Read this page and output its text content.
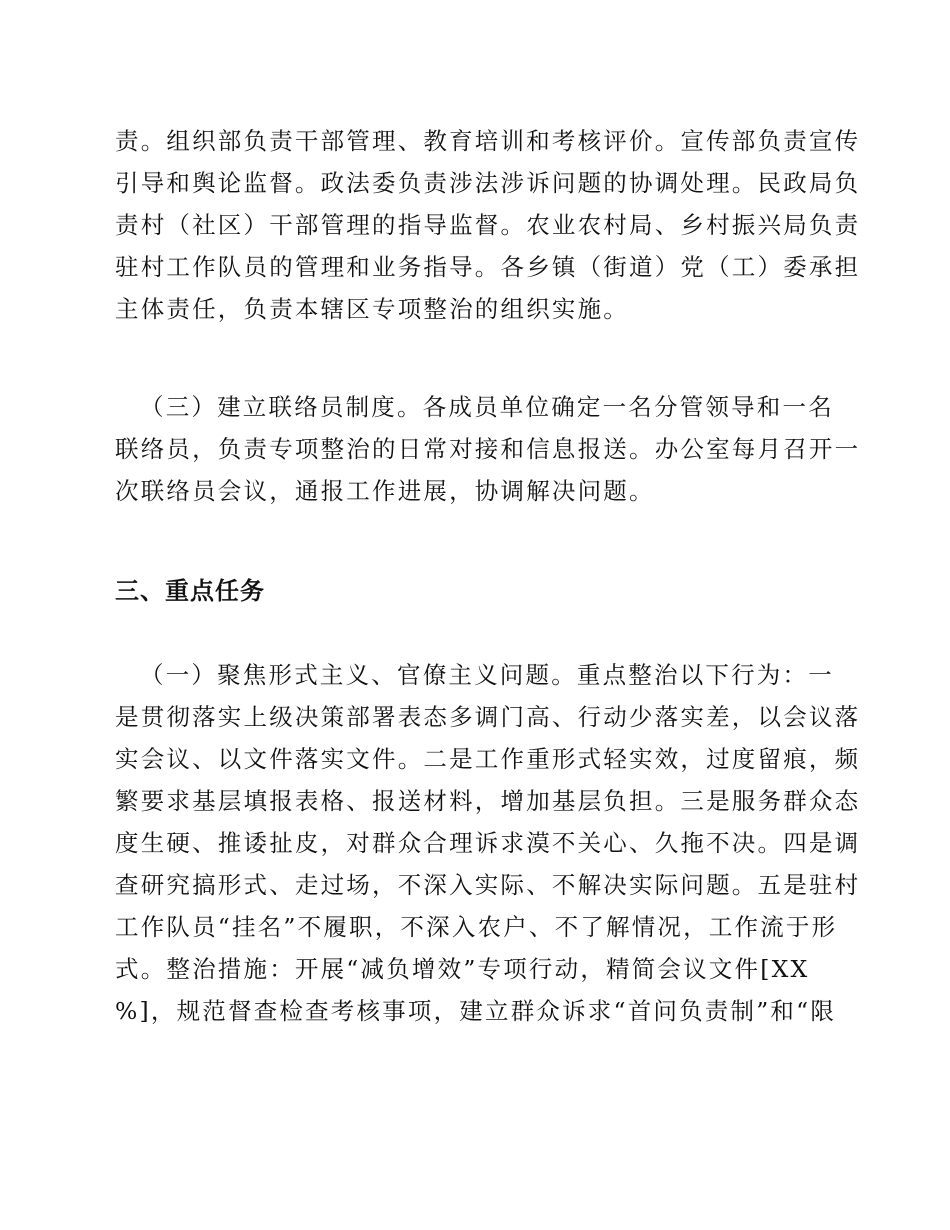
责。组织部负责干部管理、教育培训和考核评价。宣传部负责宣传
引导和舆论监督。政法委负责涉法涉诉问题的协调处理。民政局负
责村（社区）干部管理的指导监督。农业农村局、乡村振兴局负责
驻村工作队员的管理和业务指导。各乡镇（街道）党（工）委承担
主体责任，负责本辖区专项整治的组织实施。
（三）建立联络员制度。各成员单位确定一名分管领导和一名
联络员，负责专项整治的日常对接和信息报送。办公室每月召开一
次联络员会议，通报工作进展，协调解决问题。
三、重点任务
（一）聚焦形式主义、官僚主义问题。重点整治以下行为：一
是贯彻落实上级决策部署表态多调门高、行动少落实差，以会议落
实会议、以文件落实文件。二是工作重形式轻实效，过度留痕，频
繁要求基层填报表格、报送材料，增加基层负担。三是服务群众态
度生硬、推诿扯皮，对群众合理诉求漠不关心、久拖不决。四是调
查研究搞形式、走过场，不深入实际、不解决实际问题。五是驻村
工作队员“挂名”不履职，不深入农户、不了解情况，工作流于形
式。整治措施：开展“减负增效”专项行动，精简会议文件[XX
%]，规范督查检查考核事项，建立群众诉求“首问负责制”和“限
